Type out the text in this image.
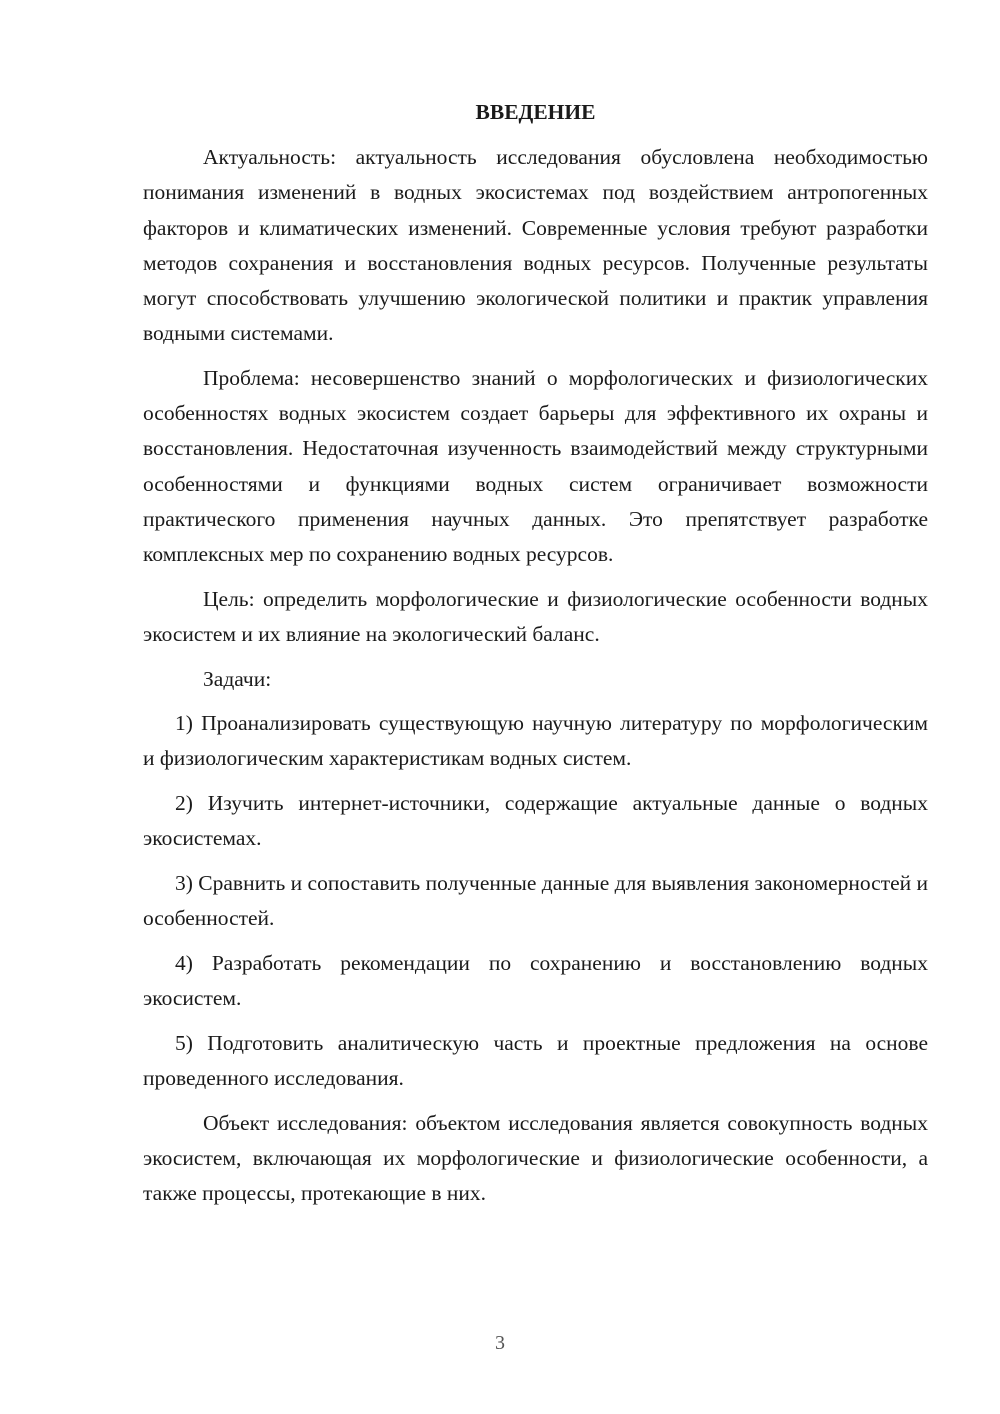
ВВЕДЕНИЕ

Актуальность: актуальность исследования обусловлена необходимостью понимания изменений в водных экосистемах под воздействием антропогенных факторов и климатических изменений. Современные условия требуют разработки методов сохранения и восстановления водных ресурсов. Полученные результаты могут способствовать улучшению экологической политики и практик управления водными системами.

Проблема: несовершенство знаний о морфологических и физиологических особенностях водных экосистем создает барьеры для эффективного их охраны и восстановления. Недостаточная изученность взаимодействий между структурными особенностями и функциями водных систем ограничивает возможности практического применения научных данных. Это препятствует разработке комплексных мер по сохранению водных ресурсов.

Цель: определить морфологические и физиологические особенности водных экосистем и их влияние на экологический баланс.

Задачи:

1) Проанализировать существующую научную литературу по морфологическим и физиологическим характеристикам водных систем.

2) Изучить интернет-источники, содержащие актуальные данные о водных экосистемах.

3) Сравнить и сопоставить полученные данные для выявления закономерностей и особенностей.

4) Разработать рекомендации по сохранению и восстановлению водных экосистем.

5) Подготовить аналитическую часть и проектные предложения на основе проведенного исследования.

Объект исследования: объектом исследования является совокупность водных экосистем, включающая их морфологические и физиологические особенности, а также процессы, протекающие в них.

3
